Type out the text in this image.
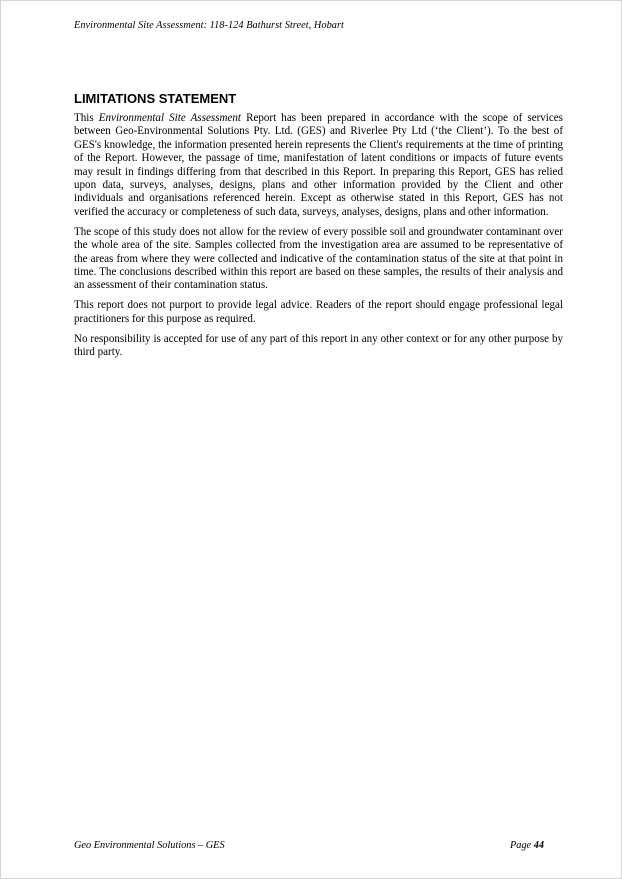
Environmental Site Assessment: 118-124 Bathurst Street, Hobart
LIMITATIONS STATEMENT

This Environmental Site Assessment Report has been prepared in accordance with the scope of services between Geo-Environmental Solutions Pty. Ltd. (GES) and Riverlee Pty Ltd (‘the Client’). To the best of GES's knowledge, the information presented herein represents the Client's requirements at the time of printing of the Report. However, the passage of time, manifestation of latent conditions or impacts of future events may result in findings differing from that described in this Report. In preparing this Report, GES has relied upon data, surveys, analyses, designs, plans and other information provided by the Client and other individuals and organisations referenced herein. Except as otherwise stated in this Report, GES has not verified the accuracy or completeness of such data, surveys, analyses, designs, plans and other information.

The scope of this study does not allow for the review of every possible soil and groundwater contaminant over the whole area of the site. Samples collected from the investigation area are assumed to be representative of the areas from where they were collected and indicative of the contamination status of the site at that point in time. The conclusions described within this report are based on these samples, the results of their analysis and an assessment of their contamination status.

This report does not purport to provide legal advice. Readers of the report should engage professional legal practitioners for this purpose as required.

No responsibility is accepted for use of any part of this report in any other context or for any other purpose by third party.

Geo Environmental Solutions – GES	Page 44
